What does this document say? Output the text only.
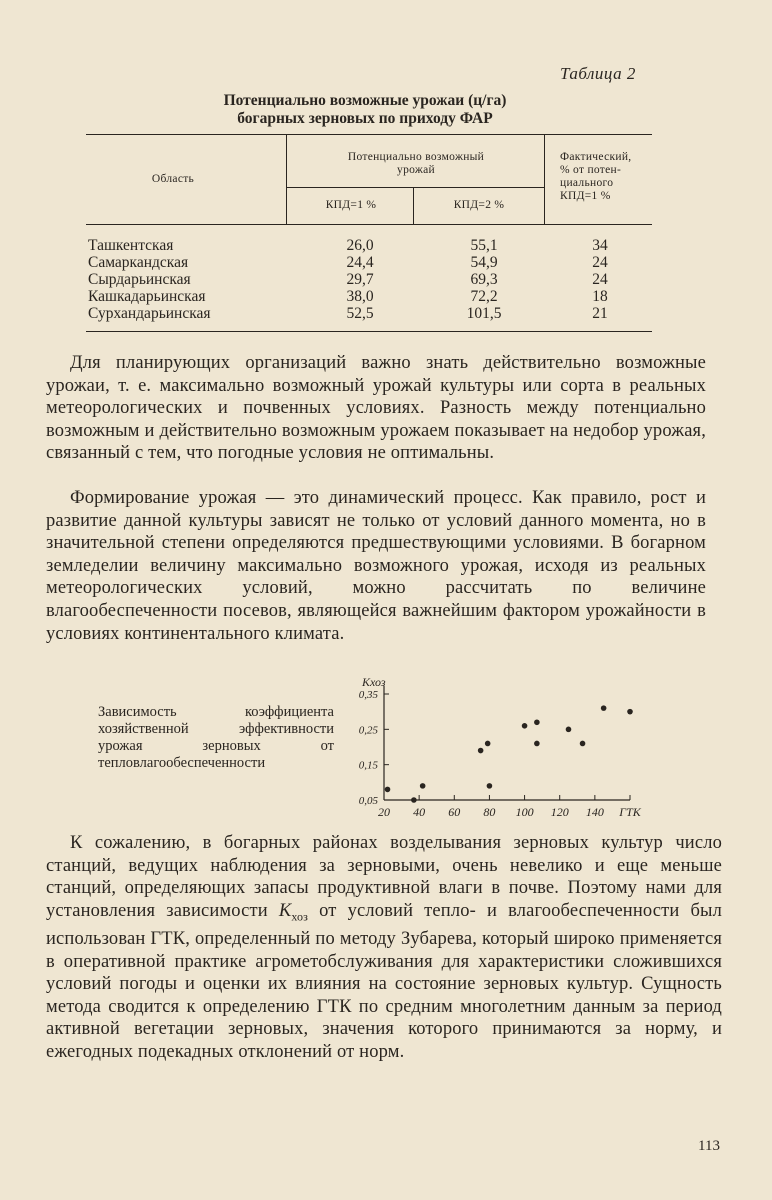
Таблица 2
Потенциально возможные урожаи (ц/га)
богарных зерновых по приходу ФАР
Область
Потенциально возможный
урожай
КПД=1 %	КПД=2 %
Фактический,
% от потен-
циального
КПД=1 %
Ташкентская	26,0	55,1	34
Самаркандская	24,4	54,9	24
Сырдарьинская	29,7	69,3	24
Кашкадарьинская	38,0	72,2	18
Сурхандарьинская	52,5	101,5	21
Для планирующих организаций важно знать действительно возможные урожаи, т. е. максимально возможный урожай культуры или сорта в реальных метеорологических и почвенных условиях. Разность между потенциально возможным и действительно возможным урожаем показывает на недобор урожая, связанный с тем, что погодные условия не оптимальны.
Формирование урожая — это динамический процесс. Как правило, рост и развитие данной культуры зависят не только от условий данного момента, но в значительной степени определяются предшествующими условиями. В богарном земледелии величину максимально возможного урожая, исходя из реальных метеорологических условий, можно рассчитать по величине влагообеспеченности посевов, являющейся важнейшим фактором урожайности в условиях континентального климата.
Зависимость коэффициента хозяйственной эффективности урожая зерновых от тепловлагообеспеченности
20 40 60 80 100 120 140 ГТК
0,05
0,15
0,25
0,35
Kхоз
К сожалению, в богарных районах возделывания зерновых культур число станций, ведущих наблюдения за зерновыми, очень невелико и еще меньше станций, определяющих запасы продуктивной влаги в почве. Поэтому нами для установления зависимости $K_{хоз}$ от условий тепло- и влагообеспеченности был использован ГТК, определенный по методу Зубарева, который широко применяется в оперативной практике агрометобслуживания для характеристики сложившихся условий погоды и оценки их влияния на состояние зерновых культур. Сущность метода сводится к определению ГТК по средним многолетним данным за период активной вегетации зерновых, значения которого принимаются за норму, и ежегодных подекадных отклонений от норм.
113
